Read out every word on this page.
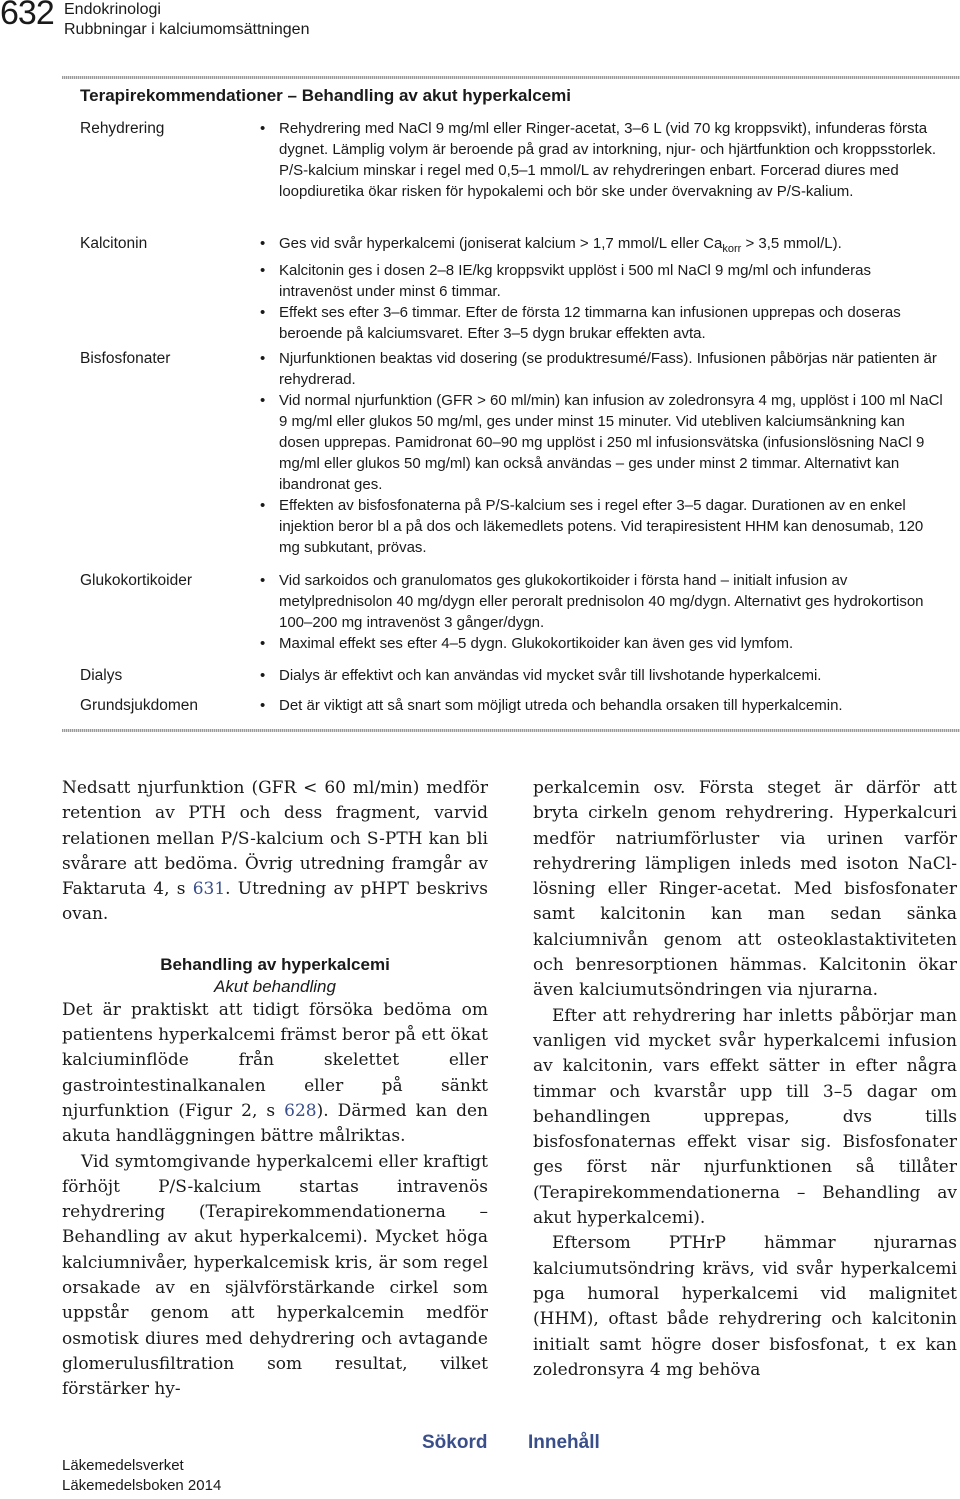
632 Endokrinologi
Rubbningar i kalciumomsättningen
Terapirekommendationer – Behandling av akut hyperkalcemi
Rehydrering	• Rehydrering med NaCl 9 mg/ml eller Ringer-acetat, 3–6 L (vid 70 kg kroppsvikt), infunderas första dygnet. Lämplig volym är beroende på grad av intorkning, njur- och hjärtfunktion och kroppsstorlek. P/S-kalcium minskar i regel med 0,5–1 mmol/L av rehydreringen enbart. Forcerad diures med loopdiuretika ökar risken för hypokalemi och bör ske under övervakning av P/S-kalium.
Kalcitonin	• Ges vid svår hyperkalcemi (joniserat kalcium > 1,7 mmol/L eller $Ca_{korr} > 3,5$ mmol/L).
• Kalcitonin ges i dosen 2–8 IE/kg kroppsvikt upplöst i 500 ml NaCl 9 mg/ml och infunderas intravenöst under minst 6 timmar.
• Effekt ses efter 3–6 timmar. Efter de första 12 timmarna kan infusionen upprepas och doseras beroende på kalciumsvaret. Efter 3–5 dygn brukar effekten avta.
Bisfosfonater	• Njurfunktionen beaktas vid dosering (se produktresumé/Fass). Infusionen påbörjas när patienten är rehydrerad.
• Vid normal njurfunktion (GFR > 60 ml/min) kan infusion av zoledronsyra 4 mg, upplöst i 100 ml NaCl 9 mg/ml eller glukos 50 mg/ml, ges under minst 15 minuter. Vid utebliven kalciumsänkning kan dosen upprepas. Pamidronat 60–90 mg upplöst i 250 ml infusionsvätska (infusionslösning NaCl 9 mg/ml eller glukos 50 mg/ml) kan också användas – ges under minst 2 timmar. Alternativt kan ibandronat ges.
• Effekten av bisfosfonaterna på P/S-kalcium ses i regel efter 3–5 dagar. Durationen av en enkel injektion beror bl a på dos och läkemedlets potens. Vid terapiresistent HHM kan denosumab, 120 mg subkutant, prövas.
Glukokortikoider	• Vid sarkoidos och granulomatos ges glukokortikoider i första hand – initialt infusion av metylprednisolon 40 mg/dygn eller peroralt prednisolon 40 mg/dygn. Alternativt ges hydrokortison 100–200 mg intravenöst 3 gånger/dygn.
• Maximal effekt ses efter 4–5 dygn. Glukokortikoider kan även ges vid lymfom.
Dialys	• Dialys är effektivt och kan användas vid mycket svår till livshotande hyperkalcemi.
Grundsjukdomen	• Det är viktigt att så snart som möjligt utreda och behandla orsaken till hyperkalcemin.

Nedsatt njurfunktion (GFR < 60 ml/min) medför retention av PTH och dess fragment, varvid relationen mellan P/S-kalcium och S-PTH kan bli svårare att bedöma. Övrig utredning framgår av Faktaruta 4, s 631. Utredning av pHPT beskrivs ovan.

Behandling av hyperkalcemi
Akut behandling

Det är praktiskt att tidigt försöka bedöma om patientens hyperkalcemi främst beror på ett ökat kalciuminflöde från skelettet eller gastrointestinalkanalen eller på sänkt njurfunktion (Figur 2, s 628). Därmed kan den akuta handläggningen bättre målriktas.

Vid symtomgivande hyperkalcemi eller kraftigt förhöjt P/S-kalcium startas intravenös rehydrering (Terapirekommendationerna – Behandling av akut hyperkalcemi). Mycket höga kalciumnivåer, hyperkalcemisk kris, är som regel orsakade av en självförstärkande cirkel som uppstår genom att hyperkalcemin medför osmotisk diures med dehydrering och avtagande glomerulusfiltration som resultat, vilket förstärker hy-

perkalcemin osv. Första steget är därför att bryta cirkeln genom rehydrering. Hyperkalcuri medför natriumförluster via urinen varför rehydrering lämpligen inleds med isoton NaCl-lösning eller Ringer-acetat. Med bisfosfonater samt kalcitonin kan man sedan sänka kalciumnivån genom att osteoklastaktiviteten och benresorptionen hämmas. Kalcitonin ökar även kalciumutsöndringen via njurarna.

Efter att rehydrering har inletts påbörjar man vanligen vid mycket svår hyperkalcemi infusion av kalcitonin, vars effekt sätter in efter några timmar och kvarstår upp till 3–5 dagar om behandlingen upprepas, dvs tills bisfosfonaternas effekt visar sig. Bisfosfonater ges först när njurfunktionen så tillåter (Terapirekommendationerna – Behandling av akut hyperkalcemi).

Eftersom PTHrP hämmar njurarnas kalciumutsöndring krävs, vid svår hyperkalcemi pga humoral hyperkalcemi vid malignitet (HHM), oftast både rehydrering och kalcitonin initialt samt högre doser bisfosfonat, t ex kan zoledronsyra 4 mg behöva

Sökord Innehåll
Läkemedelsverket
Läkemedelsboken 2014
